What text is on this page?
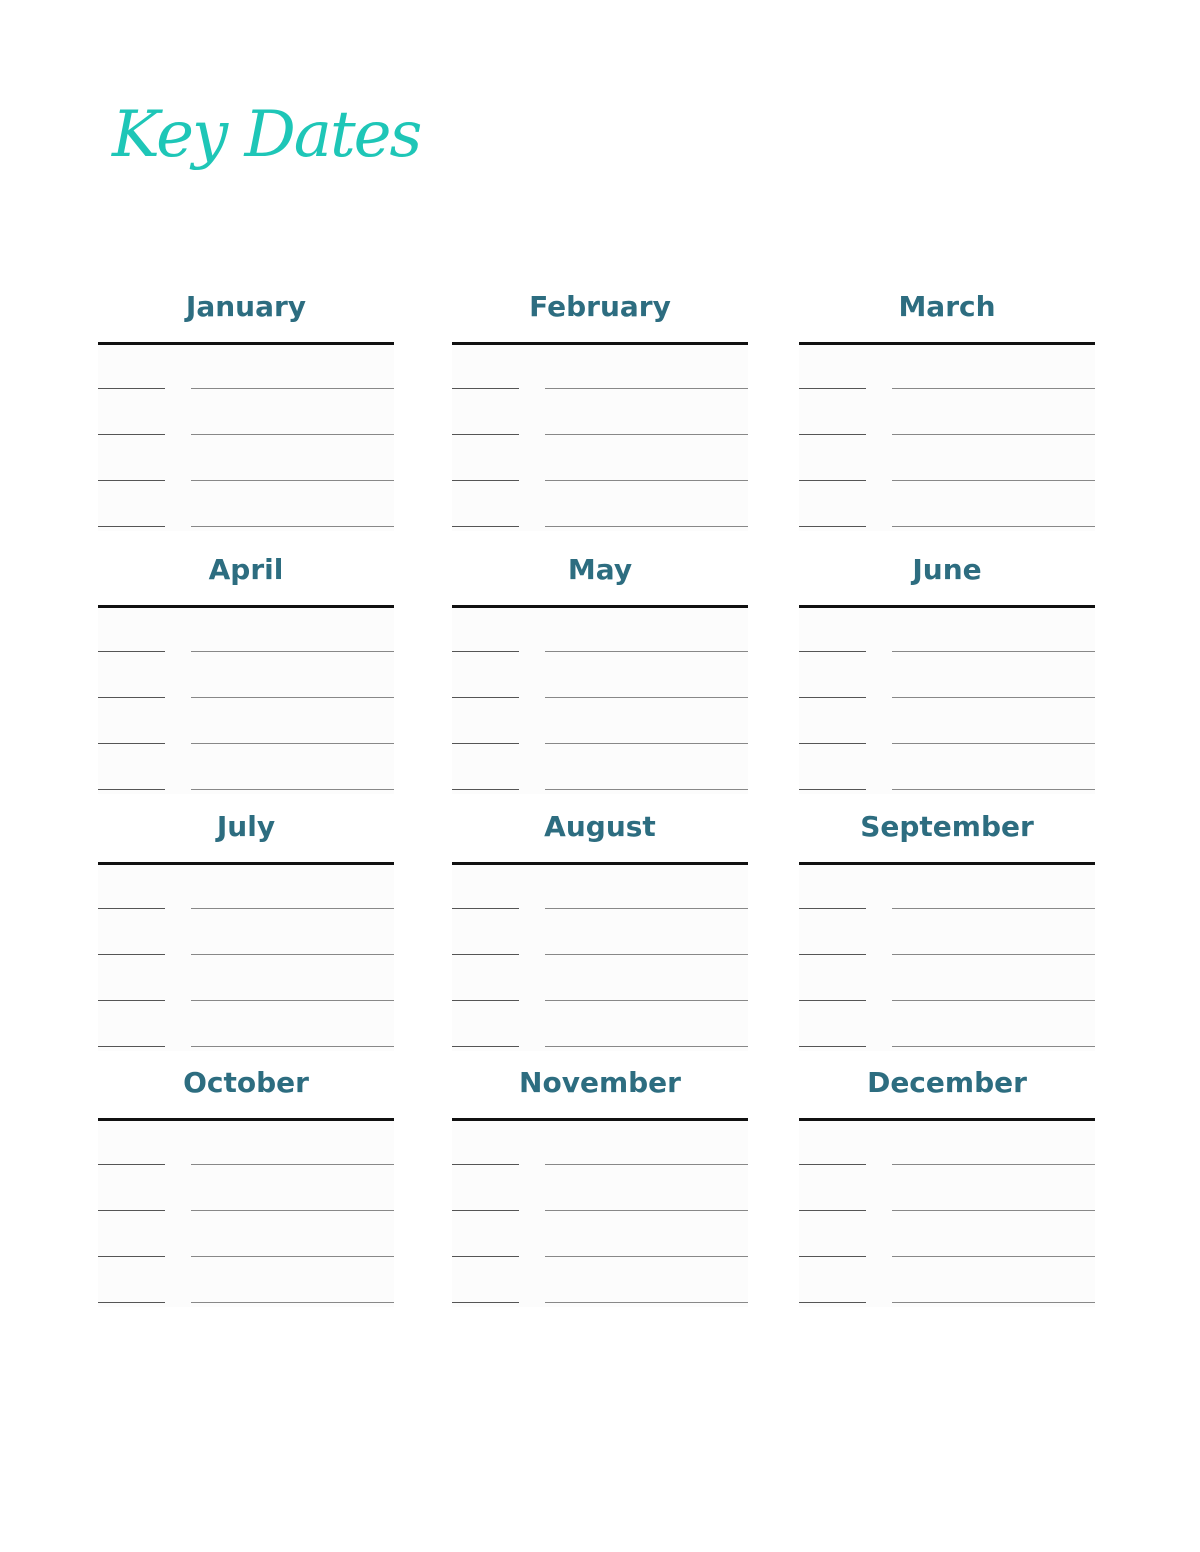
Key Dates
January	February	March
April	May	June
July	August	September
October	November	December
